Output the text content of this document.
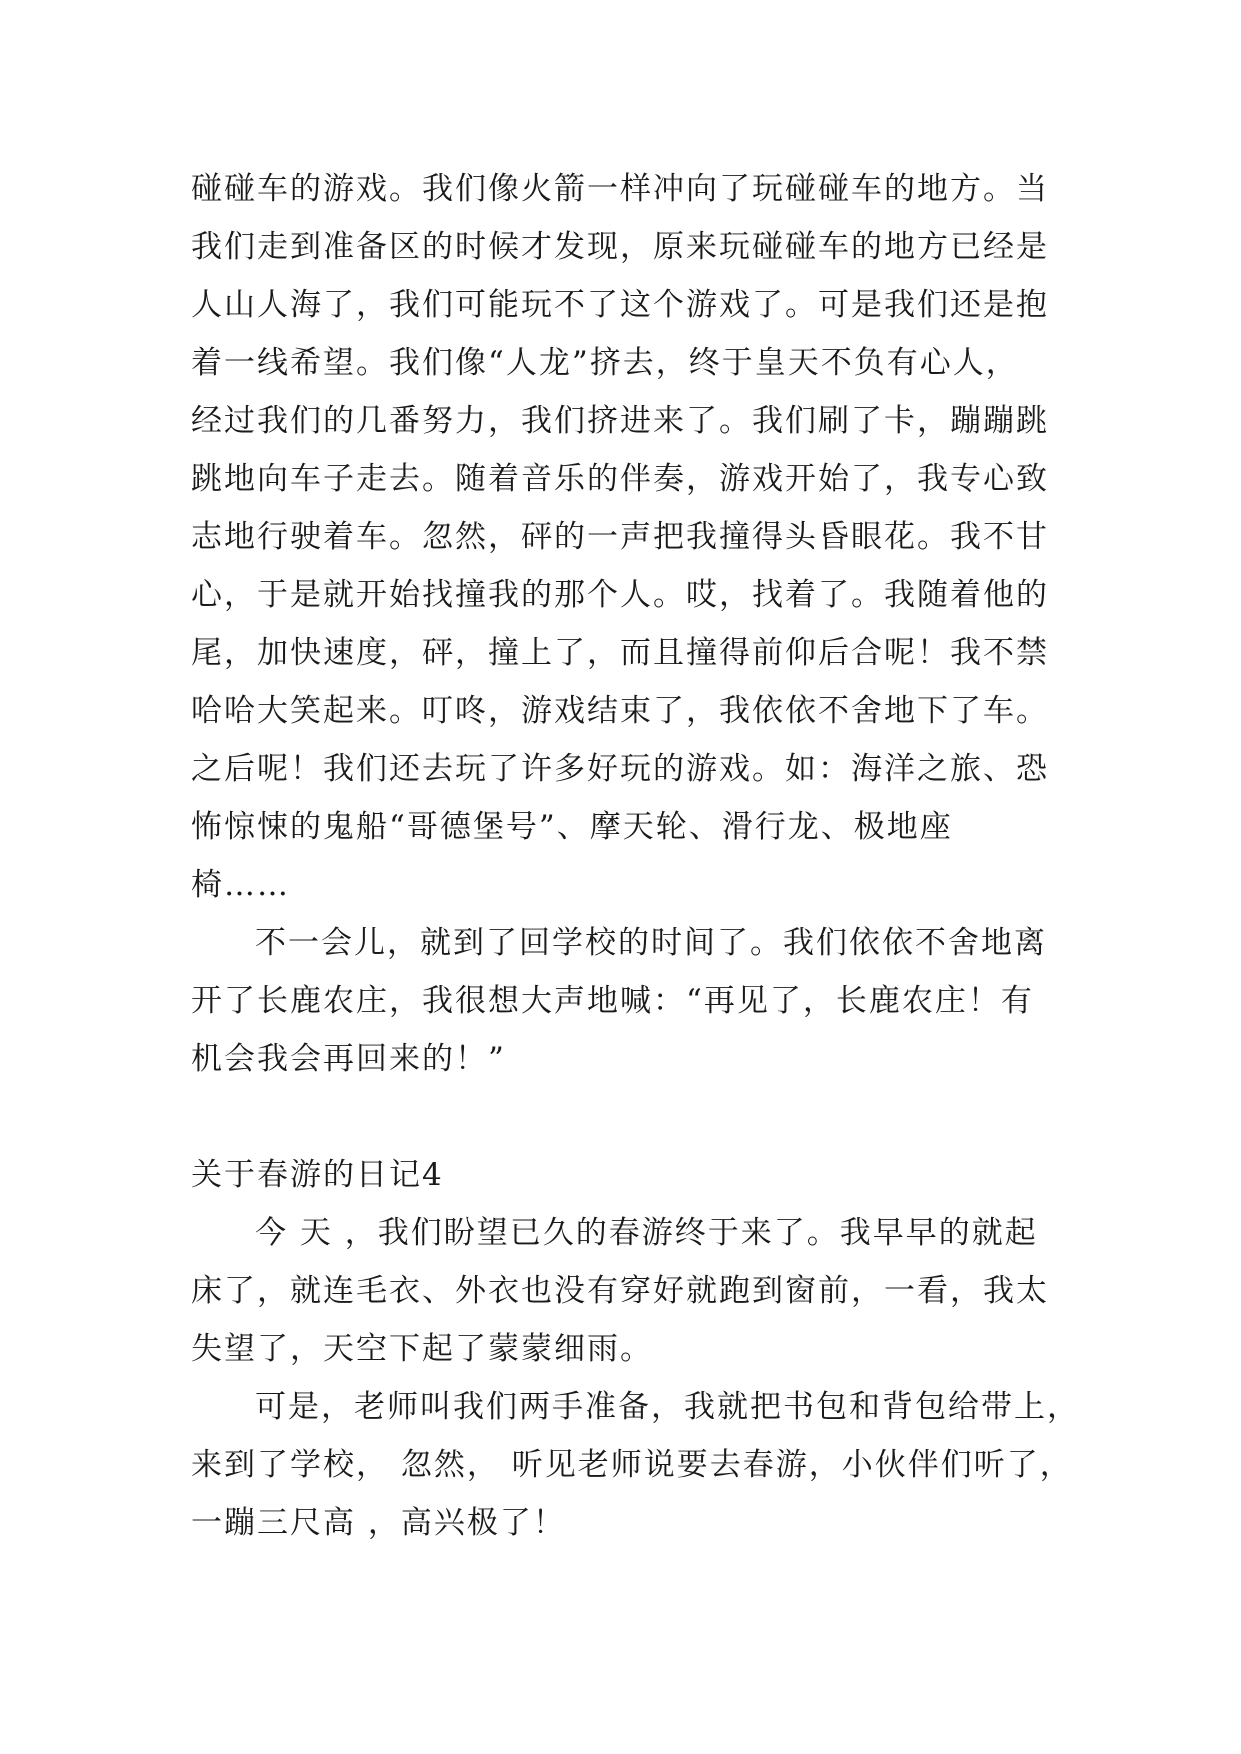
碰碰车的游戏。我们像火箭一样冲向了玩碰碰车的地方。当
我们走到准备区的时候才发现，原来玩碰碰车的地方已经是
人山人海了，我们可能玩不了这个游戏了。可是我们还是抱
着一线希望。我们像“人龙”挤去，终于皇天不负有心人，
经过我们的几番努力，我们挤进来了。我们刷了卡，蹦蹦跳
跳地向车子走去。随着音乐的伴奏，游戏开始了，我专心致
志地行驶着车。忽然，砰的一声把我撞得头昏眼花。我不甘
心，于是就开始找撞我的那个人。哎，找着了。我随着他的
尾，加快速度，砰，撞上了，而且撞得前仰后合呢！我不禁
哈哈大笑起来。叮咚，游戏结束了，我依依不舍地下了车。
之后呢！我们还去玩了许多好玩的游戏。如：海洋之旅、恐
怖惊悚的鬼船“哥德堡号”、摩天轮、滑行龙、极地座
椅……
不一会儿，就到了回学校的时间了。我们依依不舍地离
开了长鹿农庄，我很想大声地喊：“再见了，长鹿农庄！有
机会我会再回来的！”
关于春游的日记4
今 天 ，我们盼望已久的春游终于来了。我早早的就起
床了，就连毛衣、外衣也没有穿好就跑到窗前，一看，我太
失望了，天空下起了蒙蒙细雨。
可是，老师叫我们两手准备，我就把书包和背包给带上，
来到了学校， 忽然， 听见老师说要去春游，小伙伴们听了，
一蹦三尺高 ，高兴极了！
